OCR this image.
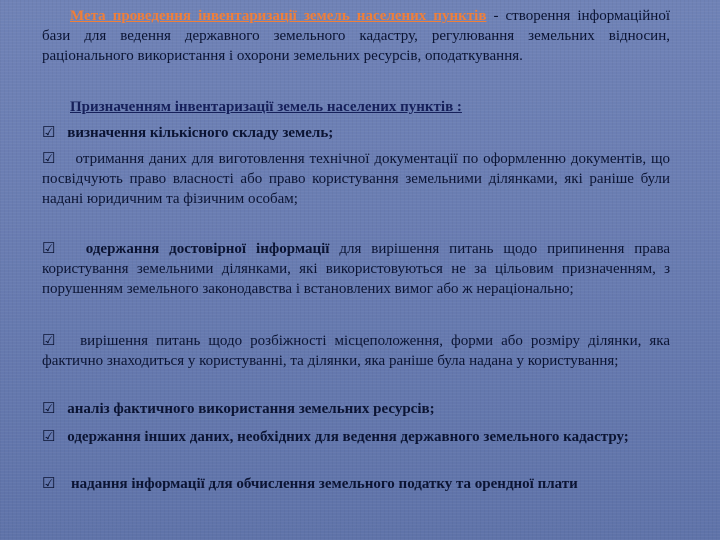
Мета проведення інвентаризації земель населених пунктів - створення інформаційної бази для ведення державного земельного кадастру, регулювання земельних відносин, раціонального використання і охорони земельних ресурсів, оподаткування.

Призначенням інвентаризації земель населених пунктів :

☑ визначення кількісного складу земель;

☑ отримання даних для виготовлення технічної документації по оформленню документів, що посвідчують право власності або право користування земельними ділянками, які раніше були надані юридичним та фізичним особам;

☑ одержання достовірної інформації для вирішення питань щодо припинення права користування земельними ділянками, які використовуються не за цільовим призначенням, з порушенням земельного законодавства і встановлених вимог або ж нераціонально;

☑ вирішення питань щодо розбіжності місцеположення, форми або розміру ділянки, яка фактично знаходиться у користуванні, та ділянки, яка раніше була надана у користування;

☑ аналіз фактичного використання земельних ресурсів;

☑ одержання інших даних, необхідних для ведення державного земельного кадастру;

☑ надання інформації для обчислення земельного податку та орендної плати
